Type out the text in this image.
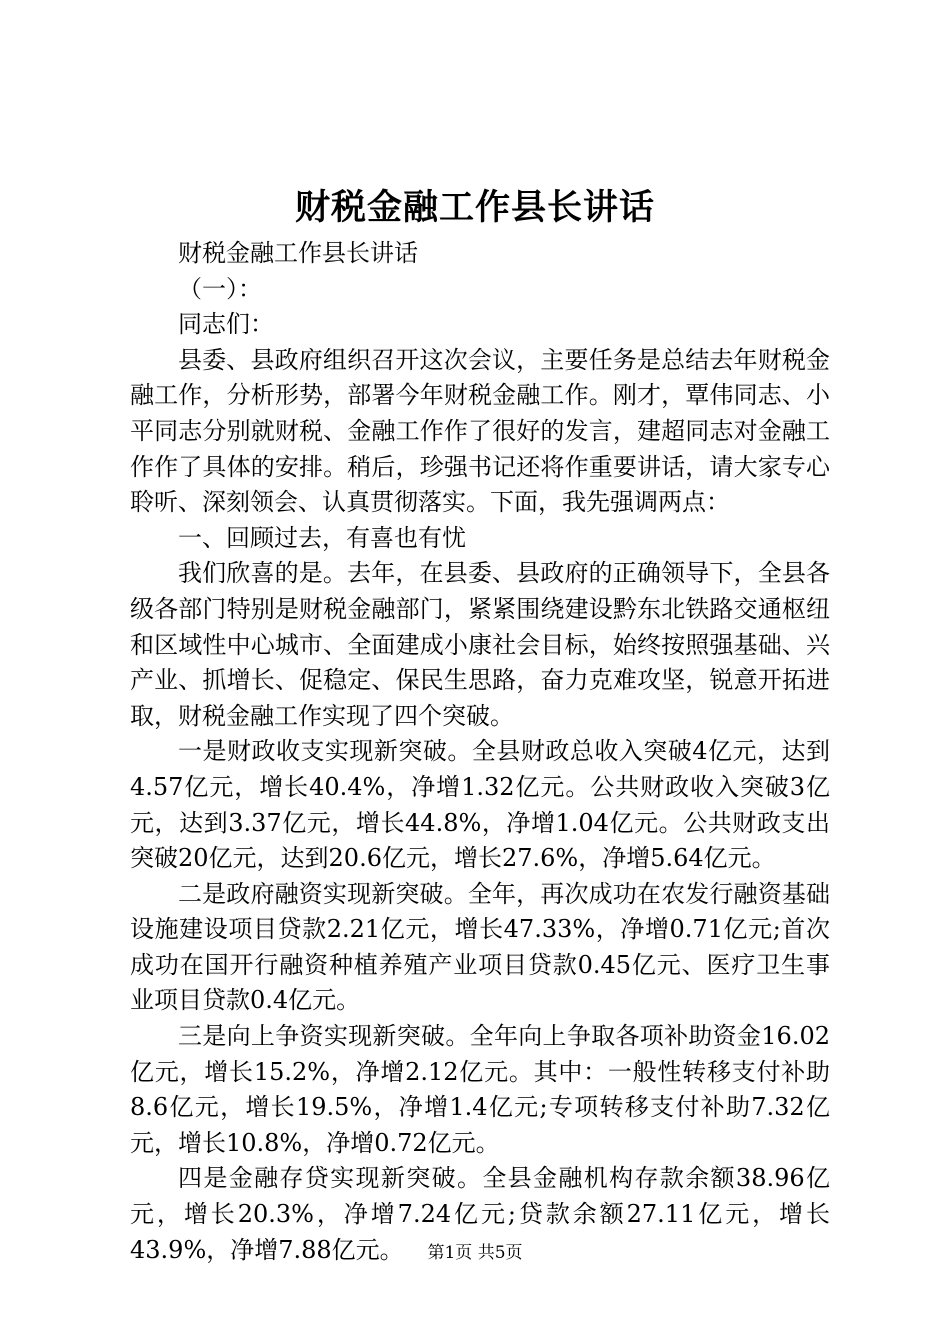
财税金融工作县长讲话

财税金融工作县长讲话

（一）：

同志们：

县委、县政府组织召开这次会议，主要任务是总结去年财税金融工作，分析形势，部署今年财税金融工作。刚才，覃伟同志、小平同志分别就财税、金融工作作了很好的发言，建超同志对金融工作作了具体的安排。稍后，珍强书记还将作重要讲话，请大家专心聆听、深刻领会、认真贯彻落实。下面，我先强调两点：

一、回顾过去，有喜也有忧

我们欣喜的是。去年，在县委、县政府的正确领导下，全县各级各部门特别是财税金融部门，紧紧围绕建设黔东北铁路交通枢纽和区域性中心城市、全面建成小康社会目标，始终按照强基础、兴产业、抓增长、促稳定、保民生思路，奋力克难攻坚，锐意开拓进取，财税金融工作实现了四个突破。

一是财政收支实现新突破。全县财政总收入突破4亿元，达到4.57亿元，增长40.4%，净增1.32亿元。公共财政收入突破3亿元，达到3.37亿元，增长44.8%，净增1.04亿元。公共财政支出突破20亿元，达到20.6亿元，增长27.6%，净增5.64亿元。

二是政府融资实现新突破。全年，再次成功在农发行融资基础设施建设项目贷款2.21亿元，增长47.33%，净增0.71亿元;首次成功在国开行融资种植养殖产业项目贷款0.45亿元、医疗卫生事业项目贷款0.4亿元。

三是向上争资实现新突破。全年向上争取各项补助资金16.02亿元，增长15.2%，净增2.12亿元。其中：一般性转移支付补助8.6亿元，增长19.5%，净增1.4亿元;专项转移支付补助7.32亿元，增长10.8%，净增0.72亿元。

四是金融存贷实现新突破。全县金融机构存款余额38.96亿元，增长20.3%，净增7.24亿元;贷款余额27.11亿元，增长43.9%，净增7.88亿元。	第1页 共5页
